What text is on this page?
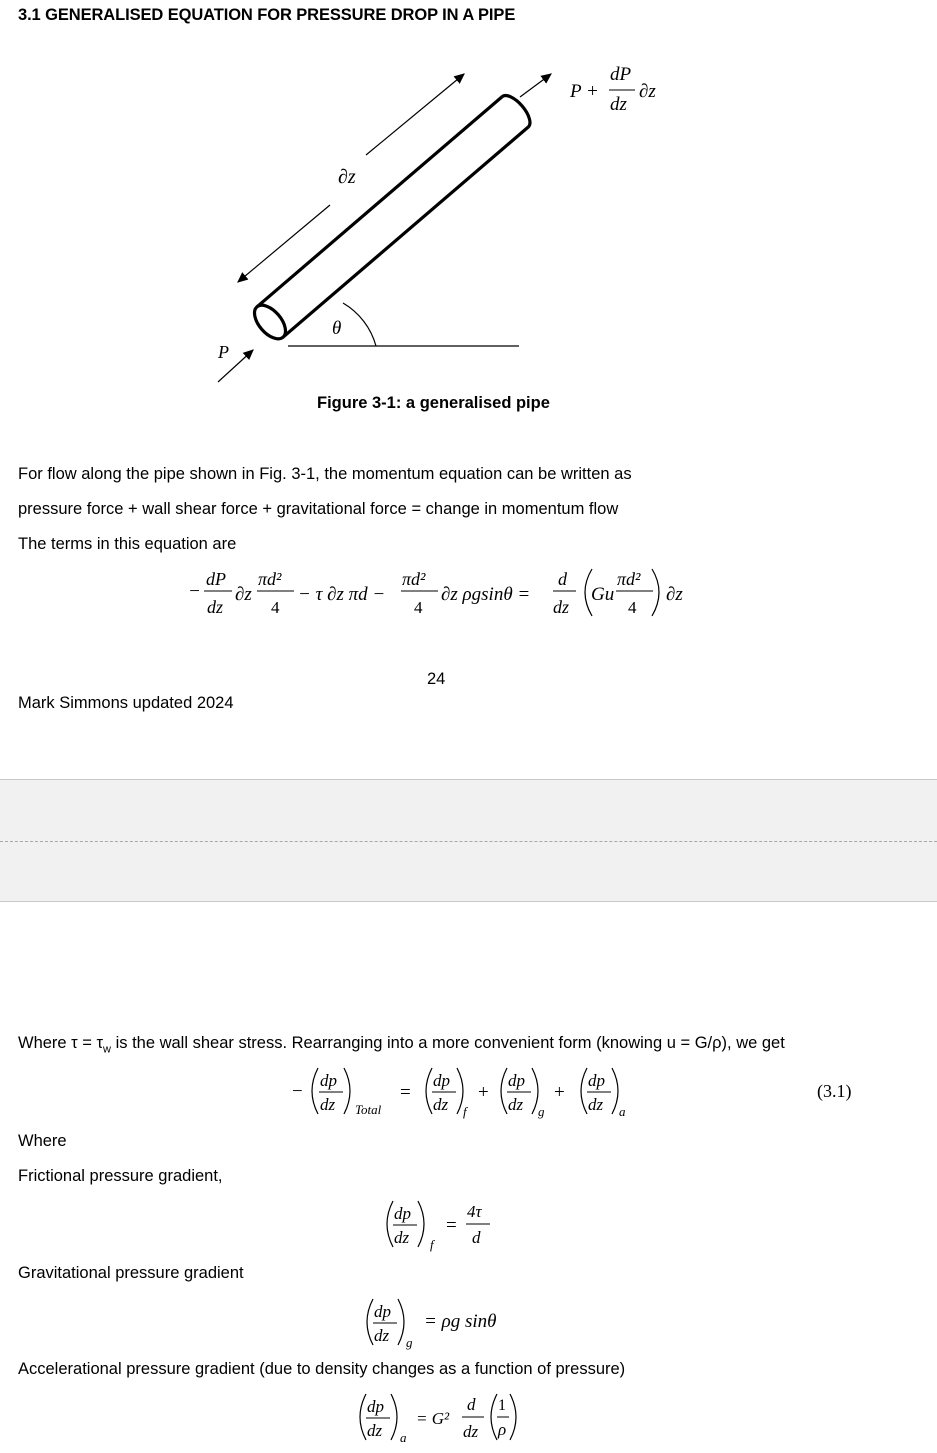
3.1 GENERALISED EQUATION FOR PRESSURE DROP IN A PIPE
∂z
θ
P
P +
dP
dz
∂z
Figure 3-1: a generalised pipe
For flow along the pipe shown in Fig. 3-1, the momentum equation can be written as
pressure force + wall shear force + gravitational force = change in momentum flow
The terms in this equation are
−
dP
dz
∂z
πd²
4
− τ ∂z πd −
πd²
4
∂z ρgsinθ =
d
dz
Gu
πd²
4
∂z
24
Mark Simmons updated 2024
Where $\tau = \tau_w$ is the wall shear stress. Rearranging into a more convenient form (knowing u = G/ρ), we get
−
dp
dz Total
=
dp
dz f
+
dp
dz g
+
dp
dz a
(3.1)
Where
Frictional pressure gradient,
dp
dz f
=
4τ
d
Gravitational pressure gradient
dp
dz g
= ρg sinθ
Accelerational pressure gradient (due to density changes as a function of pressure)
dp
dz a
= G²
d
dz
1
ρ
